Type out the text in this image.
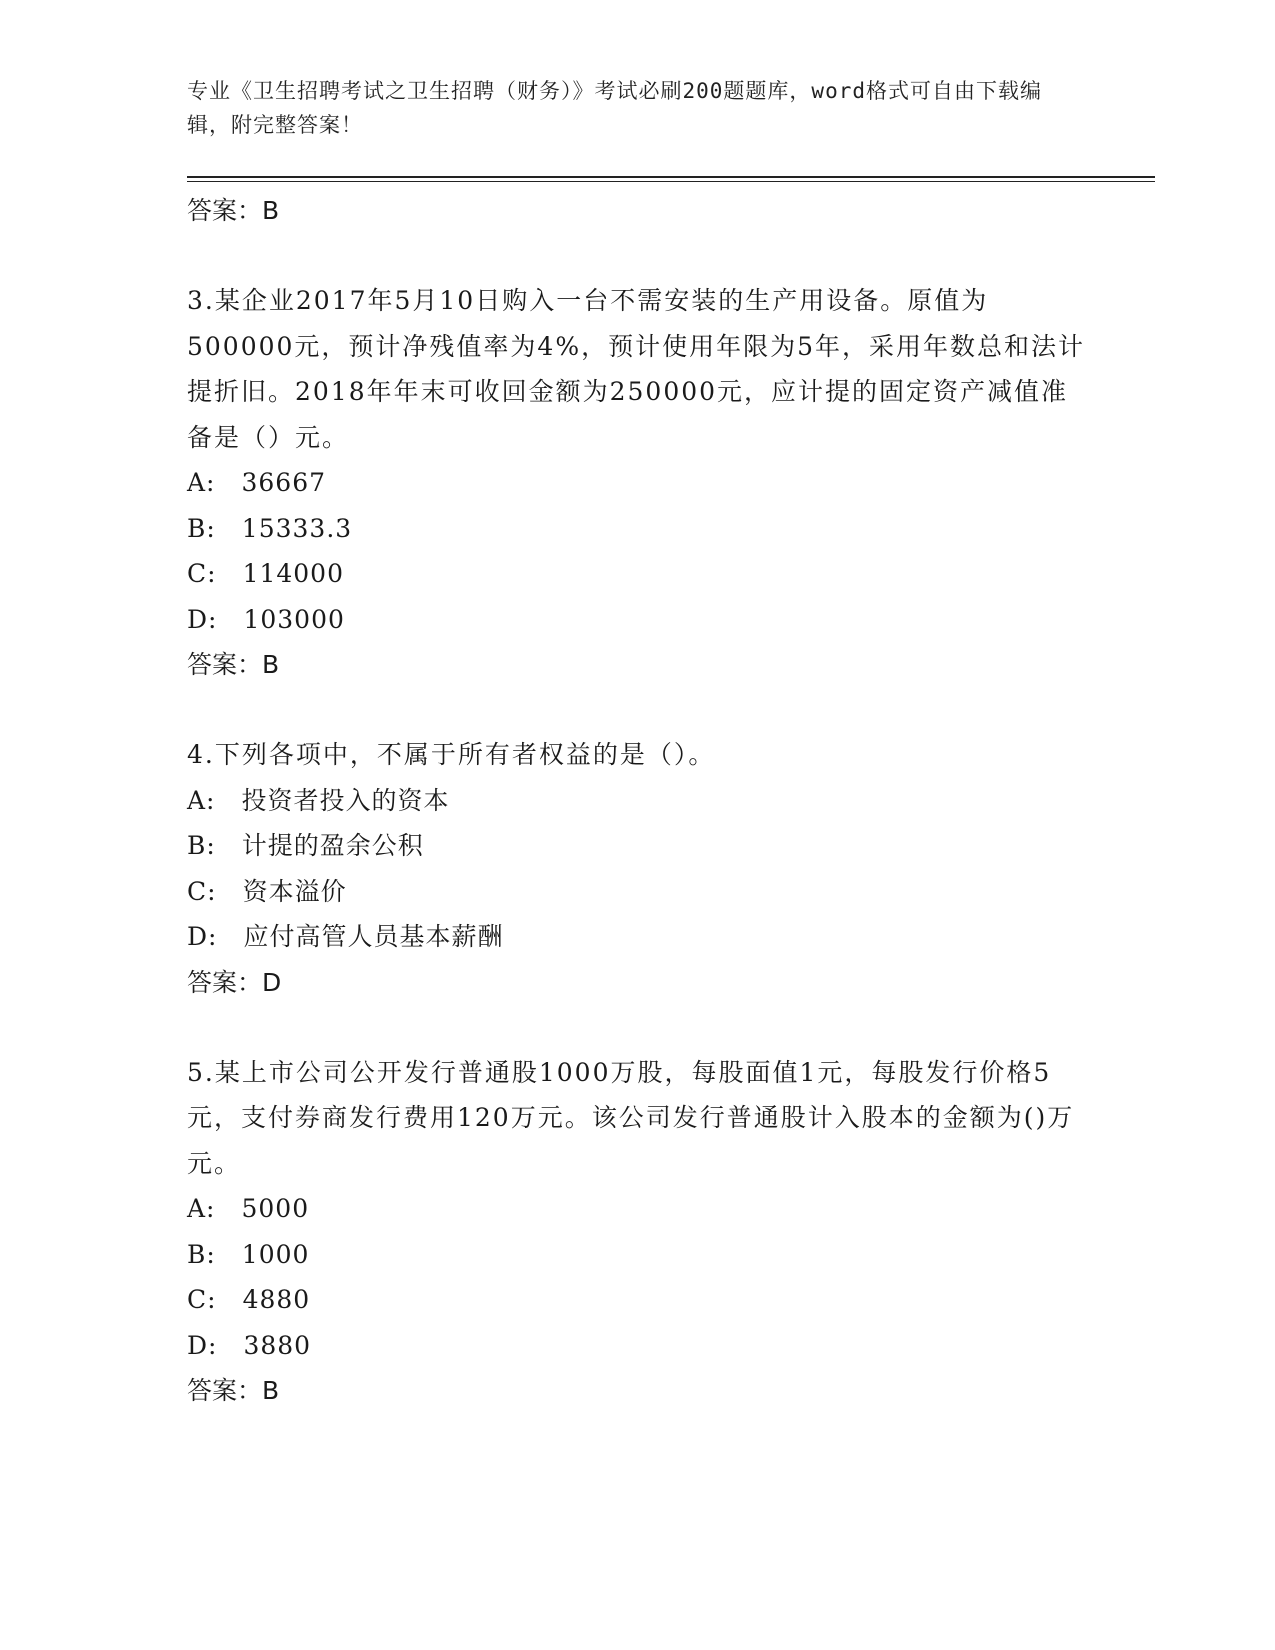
专业《卫生招聘考试之卫生招聘（财务）》考试必刷200题题库，word格式可自由下载编辑，附完整答案！
答案：B

3.某企业2017年5月10日购入一台不需安装的生产用设备。原值为500000元，预计净残值率为4%，预计使用年限为5年，采用年数总和法计提折旧。2018年年末可收回金额为250000元，应计提的固定资产减值准备是（）元。

A: 36667
B: 15333.3
C: 114000
D: 103000
答案：B

4.下列各项中，不属于所有者权益的是（）。

A: 投资者投入的资本
B: 计提的盈余公积
C: 资本溢价
D: 应付高管人员基本薪酬
答案：D

5.某上市公司公开发行普通股1000万股，每股面值1元，每股发行价格5元，支付券商发行费用120万元。该公司发行普通股计入股本的金额为()万元。

A: 5000
B: 1000
C: 4880
D: 3880
答案：B
